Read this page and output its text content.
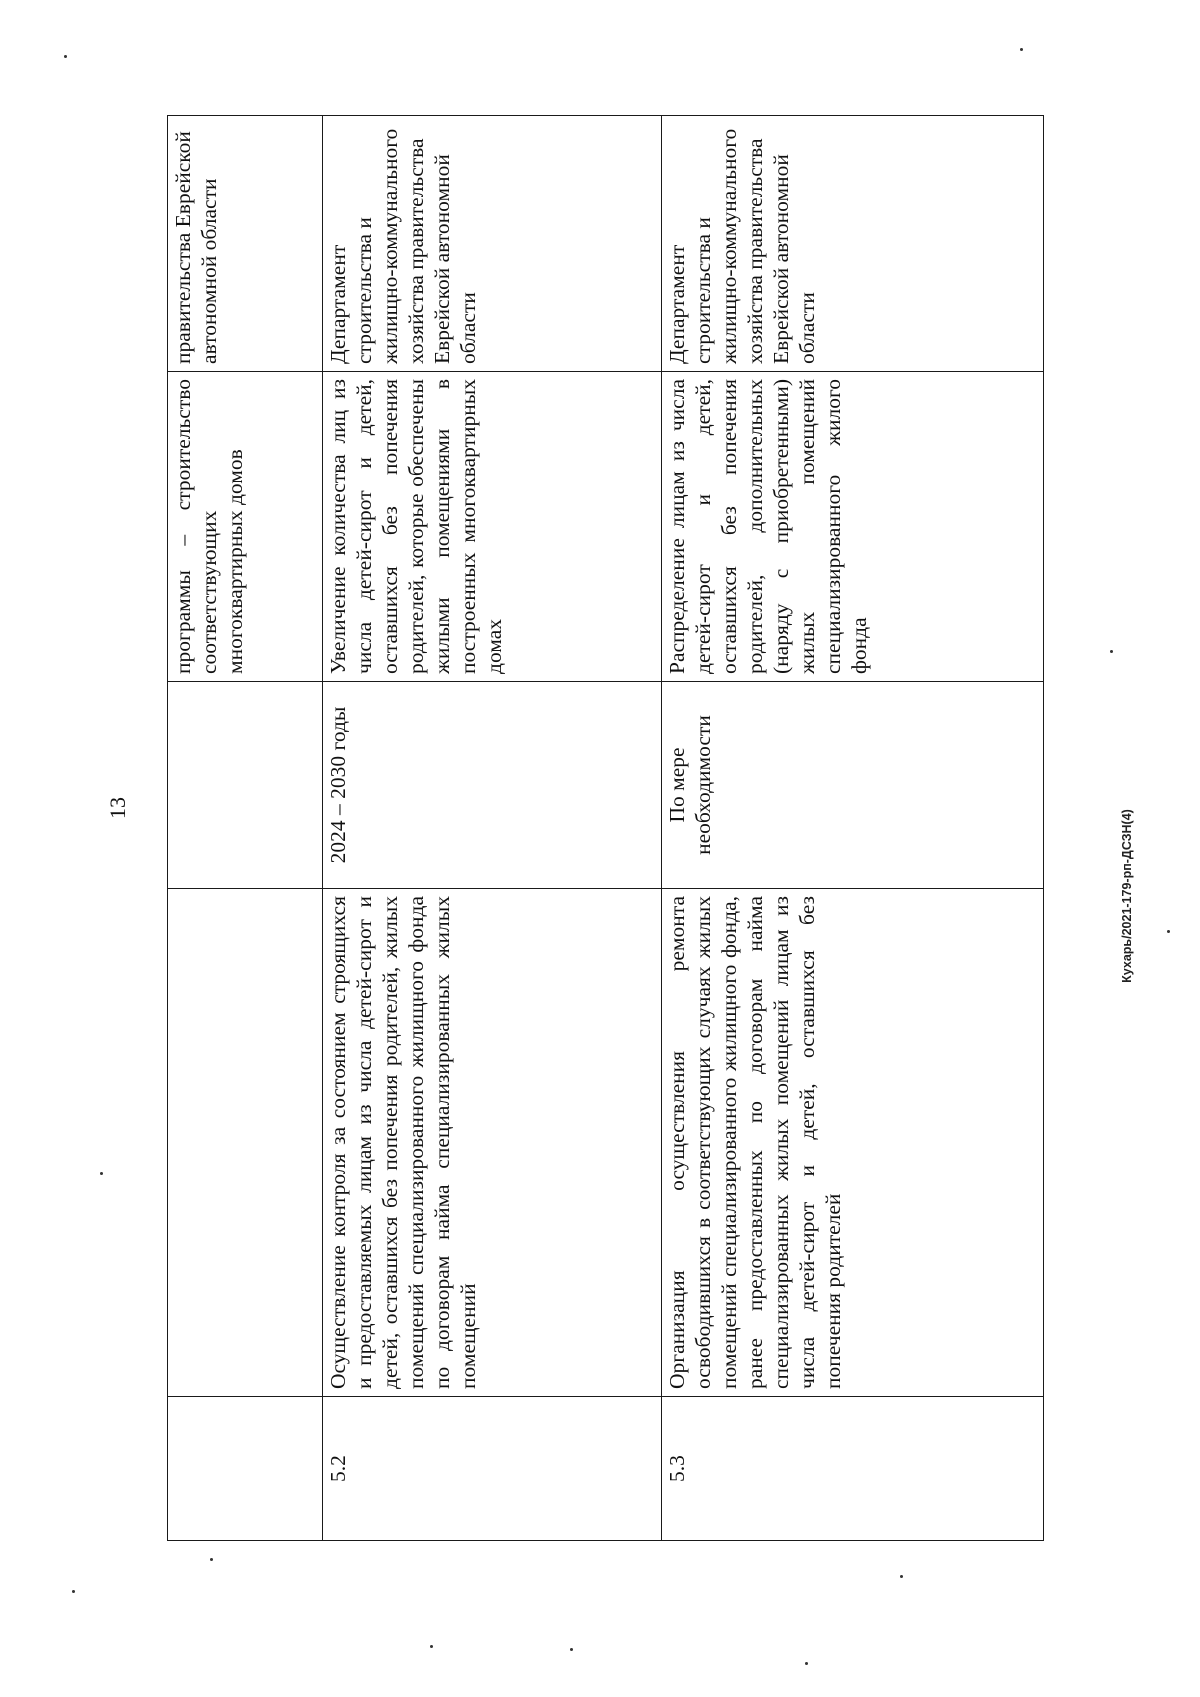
13
Кухарь/2021-179-рп-ДСЗН(4)
			программы – строительство соответствующих многоквартирных домов	правительства Еврейской автономной области
5.2	Осуществление контроля за состоянием строящихся и предоставляемых лицам из числа детей-сирот и детей, оставшихся без попечения родителей, жилых помещений специализированного жилищного фонда по договорам найма специализированных жилых помещений	2024 – 2030 годы	Увеличение количества лиц из числа детей-сирот и детей, оставшихся без попечения родителей, которые обеспечены жилыми помещениями в построенных многоквартирных домах	Департамент строительства и жилищно-коммунального хозяйства правительства Еврейской автономной области
5.3	Организация осуществления ремонта освободившихся в соответствующих случаях жилых помещений специализированного жилищного фонда, ранее предоставленных по договорам найма специализированных жилых помещений лицам из числа детей-сирот и детей, оставшихся без попечения родителей	По мере необходимости	Распределение лицам из числа детей-сирот и детей, оставшихся без попечения родителей, дополнительных (наряду с приобретенными) жилых помещений специализированного жилого фонда	Департамент строительства и жилищно-коммунального хозяйства правительства Еврейской автономной области
